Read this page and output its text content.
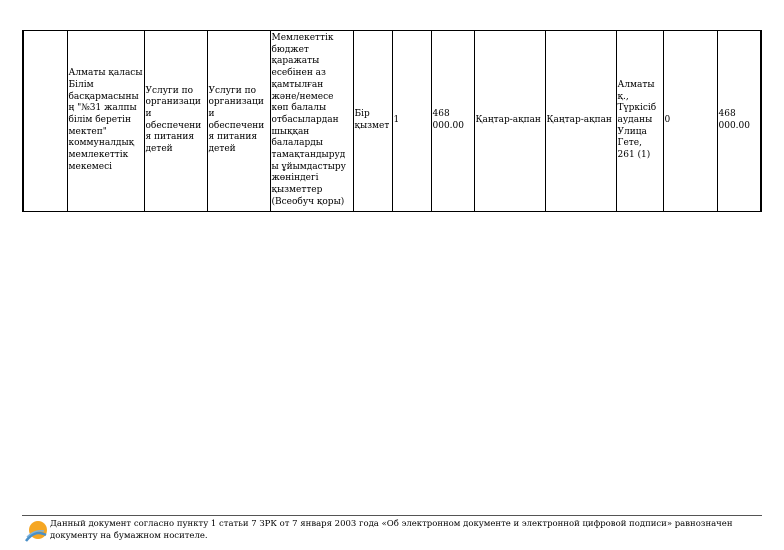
	Алматы қаласы Білім басқармасының "№31 жалпы білім беретін мектеп" коммуналдық мемлекеттік мекемесі	Услуги по организации обеспечения питания детей	Услуги по организации обеспечения питания детей	Мемлекеттік бюджет қаражаты есебінен аз қамтылған және/немесе көп балалы отбасылардан шыққан балаларды тамақтандыруды ұйымдастыру жөніндегі қызметтер (Всеобуч қоры)	Бір қызмет	1	468 000.00	Қаңтар-ақпан	Қаңтар-ақпан	Алматы қ., Түркісіб ауданы Улица Гете, 261 (1)	0	468 000.00
Данный документ согласно пункту 1 статьи 7 ЗРК от 7 января 2003 года «Об электронном документе и электронной цифровой подписи» равнозначен документу на бумажном носителе.
